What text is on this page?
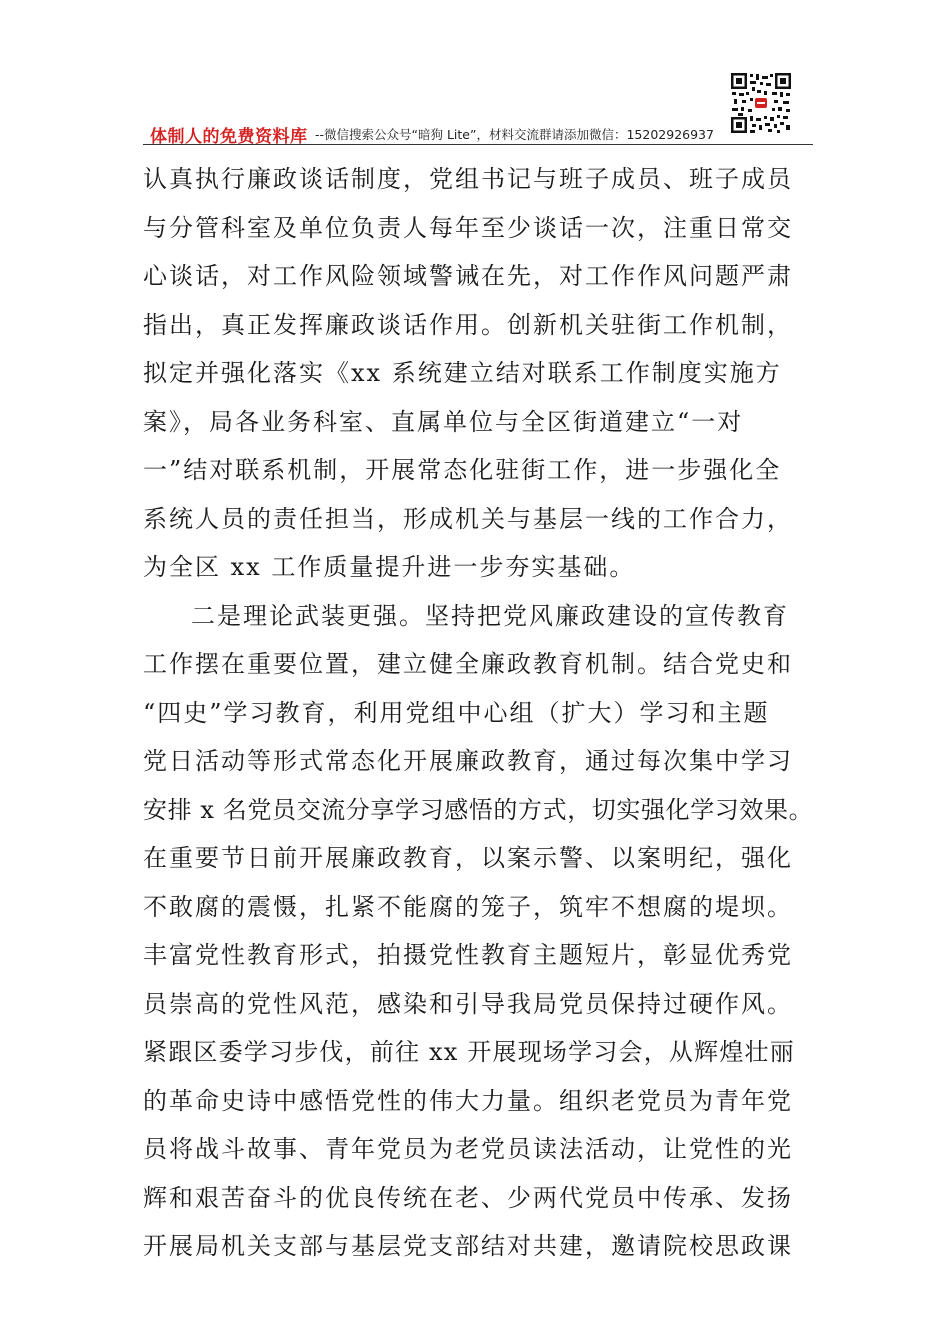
体制人的免费资料库 --微信搜索公众号“暗狗 Lite”，材料交流群请添加微信：15202926937
认真执行廉政谈话制度，党组书记与班子成员、班子成员
与分管科室及单位负责人每年至少谈话一次，注重日常交
心谈话，对工作风险领域警诫在先，对工作作风问题严肃
指出，真正发挥廉政谈话作用。创新机关驻街工作机制，
拟定并强化落实《xx 系统建立结对联系工作制度实施方
案》，局各业务科室、直属单位与全区街道建立“一对
一”结对联系机制，开展常态化驻街工作，进一步强化全
系统人员的责任担当，形成机关与基层一线的工作合力，
为全区 xx 工作质量提升进一步夯实基础。
二是理论武装更强。坚持把党风廉政建设的宣传教育
工作摆在重要位置，建立健全廉政教育机制。结合党史和
“四史”学习教育，利用党组中心组（扩大）学习和主题
党日活动等形式常态化开展廉政教育，通过每次集中学习
安排 x 名党员交流分享学习感悟的方式，切实强化学习效果。
在重要节日前开展廉政教育，以案示警、以案明纪，强化
不敢腐的震慑，扎紧不能腐的笼子，筑牢不想腐的堤坝。
丰富党性教育形式，拍摄党性教育主题短片，彰显优秀党
员崇高的党性风范，感染和引导我局党员保持过硬作风。
紧跟区委学习步伐，前往 xx 开展现场学习会，从辉煌壮丽
的革命史诗中感悟党性的伟大力量。组织老党员为青年党
员将战斗故事、青年党员为老党员读法活动，让党性的光
辉和艰苦奋斗的优良传统在老、少两代党员中传承、发扬
开展局机关支部与基层党支部结对共建，邀请院校思政课
